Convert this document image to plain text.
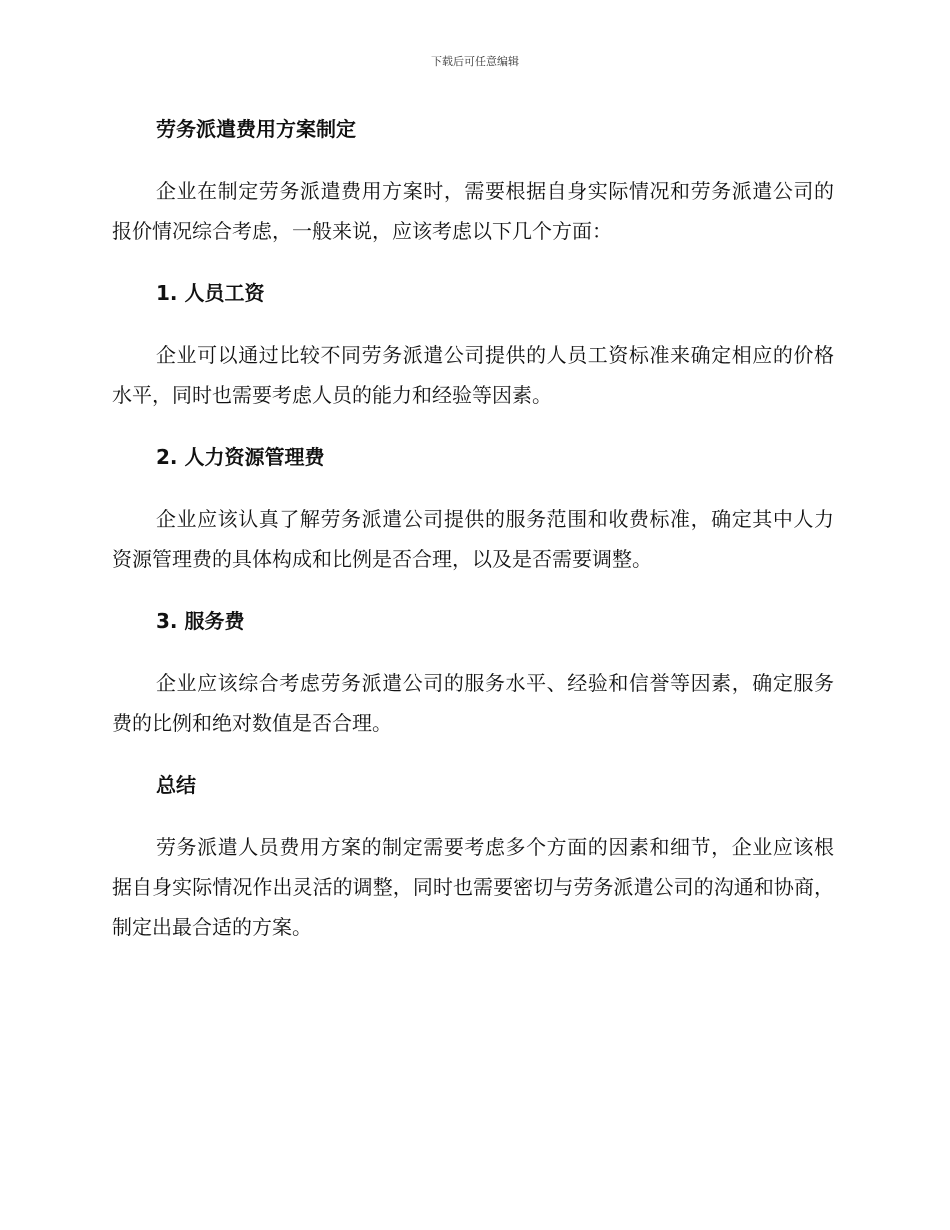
下载后可任意编辑
劳务派遣费用方案制定
企业在制定劳务派遣费用方案时，需要根据自身实际情况和劳务派遣公司的报价情况综合考虑，一般来说，应该考虑以下几个方面：
1. 人员工资
企业可以通过比较不同劳务派遣公司提供的人员工资标准来确定相应的价格水平，同时也需要考虑人员的能力和经验等因素。
2. 人力资源管理费
企业应该认真了解劳务派遣公司提供的服务范围和收费标准，确定其中人力资源管理费的具体构成和比例是否合理，以及是否需要调整。
3. 服务费
企业应该综合考虑劳务派遣公司的服务水平、经验和信誉等因素，确定服务费的比例和绝对数值是否合理。
总结
劳务派遣人员费用方案的制定需要考虑多个方面的因素和细节，企业应该根据自身实际情况作出灵活的调整，同时也需要密切与劳务派遣公司的沟通和协商，制定出最合适的方案。
